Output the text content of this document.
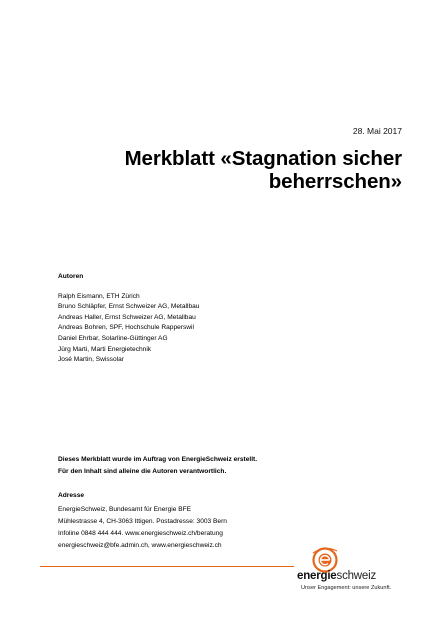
28. Mai 2017
Merkblatt «Stagnation sicher
beherrschen»
Autoren
Ralph Eismann, ETH Zürich
Bruno Schläpfer, Ernst Schweizer AG, Metallbau
Andreas Haller, Ernst Schweizer AG, Metallbau
Andreas Bohren, SPF, Hochschule Rapperswil
Daniel Ehrbar, Solarline-Güttinger AG
Jürg Marti, Marti Energietechnik
José Martin, Swissolar
Dieses Merkblatt wurde im Auftrag von EnergieSchweiz erstellt.
Für den Inhalt sind alleine die Autoren verantwortlich.
Adresse
EnergieSchweiz, Bundesamt für Energie BFE
Mühlestrasse 4, CH-3063 Ittigen. Postadresse: 3003 Bern
Infoline 0848 444 444. www.energieschweiz.ch/beratung
energieschweiz@bfe.admin.ch, www.energieschweiz.ch
energieschweiz
Unser Engagement: unsere Zukunft.
